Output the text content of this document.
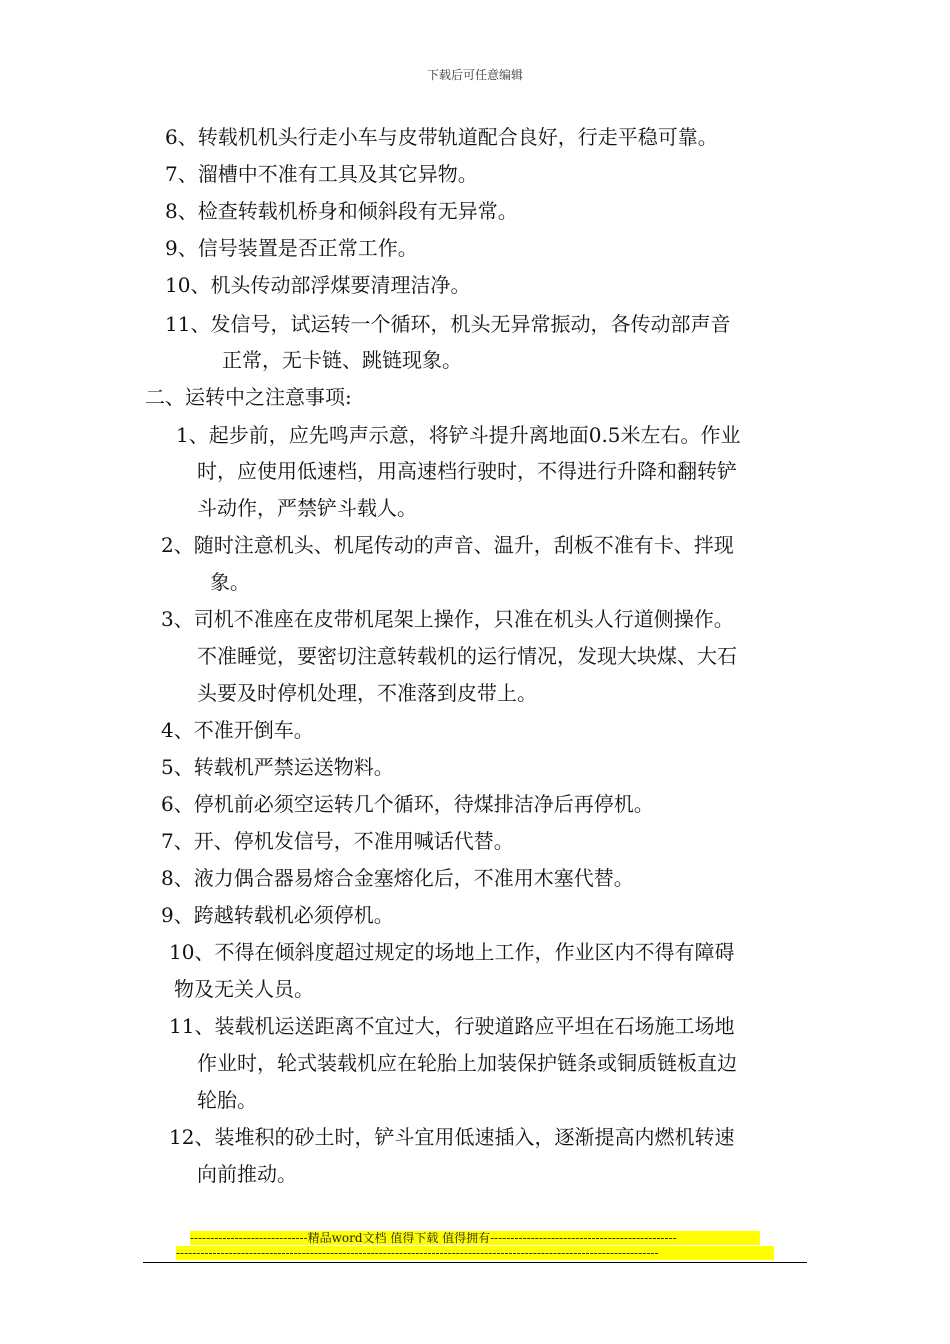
下载后可任意编辑
6、转载机机头行走小车与皮带轨道配合良好，行走平稳可靠。
7、溜槽中不准有工具及其它异物。
8、检查转载机桥身和倾斜段有无异常。
9、信号装置是否正常工作。
10、机头传动部浮煤要清理洁净。
11、发信号，试运转一个循环，机头无异常振动，各传动部声音
正常，无卡链、跳链现象。
二、运转中之注意事项:
1、起步前，应先鸣声示意，将铲斗提升离地面0.5米左右。作业
时，应使用低速档，用高速档行驶时，不得进行升降和翻转铲
斗动作，严禁铲斗载人。
2、随时注意机头、机尾传动的声音、温升，刮板不准有卡、拌现
象。
3、司机不准座在皮带机尾架上操作，只准在机头人行道侧操作。
不准睡觉，要密切注意转载机的运行情况，发现大块煤、大石
头要及时停机处理，不准落到皮带上。
4、不准开倒车。
5、转载机严禁运送物料。
6、停机前必须空运转几个循环，待煤排洁净后再停机。
7、开、停机发信号，不准用喊话代替。
8、液力偶合器易熔合金塞熔化后，不准用木塞代替。
9、跨越转载机必须停机。
10、不得在倾斜度超过规定的场地上工作，作业区内不得有障碍
物及无关人员。
11、装载机运送距离不宜过大，行驶道路应平坦在石场施工场地
作业时，轮式装载机应在轮胎上加装保护链条或铜质链板直边
轮胎。
12、装堆积的砂土时，铲斗宜用低速插入，逐渐提高内燃机转速
向前推动。
-----------------------------精品word文档 值得下载 值得拥有----------------------------------------------
-----------------------------------------------------------------------------------------------------------------------
